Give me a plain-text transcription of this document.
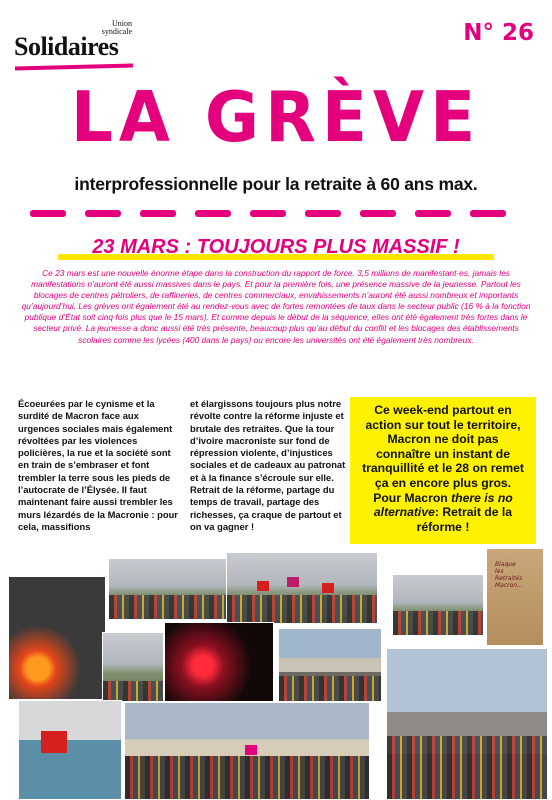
Union
syndicale
Solidaires	N° 26
LA GRÈVE
interprofessionnelle pour la retraite à 60 ans max.
23 MARS : TOUJOURS PLUS MASSIF !
Ce 23 mars est une nouvelle énorme étape dans la construction du rapport de force. 3,5 millions de manifestant·es, jamais les manifestations n’auront été aussi massives dans le pays. Et pour la première fois, une présence massive de la jeunesse. Partout les blocages de centres pétroliers, de raffineries, de centres commerciaux, envahissements n’auront été aussi nombreux et importants qu’aujourd’hui. Les grèves ont également été au rendez-vous avec de fortes remontées de taux dans le secteur public (16 % à la fonction publique d’État soit cinq fois plus que le 15 mars). Et comme depuis le début de la séquence, elles ont été également très fortes dans le secteur privé. La jeunesse a donc aussi été très présente, beaucoup plus qu’au début du conflit et les blocages des établissements scolaires comme les lycées (400 dans le pays) ou encore les universités ont été également très nombreux.
Écoeurées par le cynisme et la surdité de Macron face aux urgences sociales mais également révoltées par les violences policières, la rue et la société sont en train de s’embraser et font trembler la terre sous les pieds de l’autocrate de l’Élysée. Il faut maintenant faire aussi trembler les murs lézardés de la Macronie : pour cela, massifions
et élargissons toujours plus notre révolte contre la réforme injuste et brutale des retraites. Que la tour d’ivoire macroniste sur fond de répression violente, d’injustices sociales et de cadeaux au patronat et à la finance s’écroule sur elle. Retrait de la réforme, partage du temps de travail, partage des richesses, ça craque de partout et on va gagner !
Ce week-end partout en action sur tout le territoire, Macron ne doit pas connaître un instant de tranquillité et le 28 on remet ça en encore plus gros. Pour Macron there is no alternative: Retrait de la réforme !
Blaque
les
Retraités
Macron...
